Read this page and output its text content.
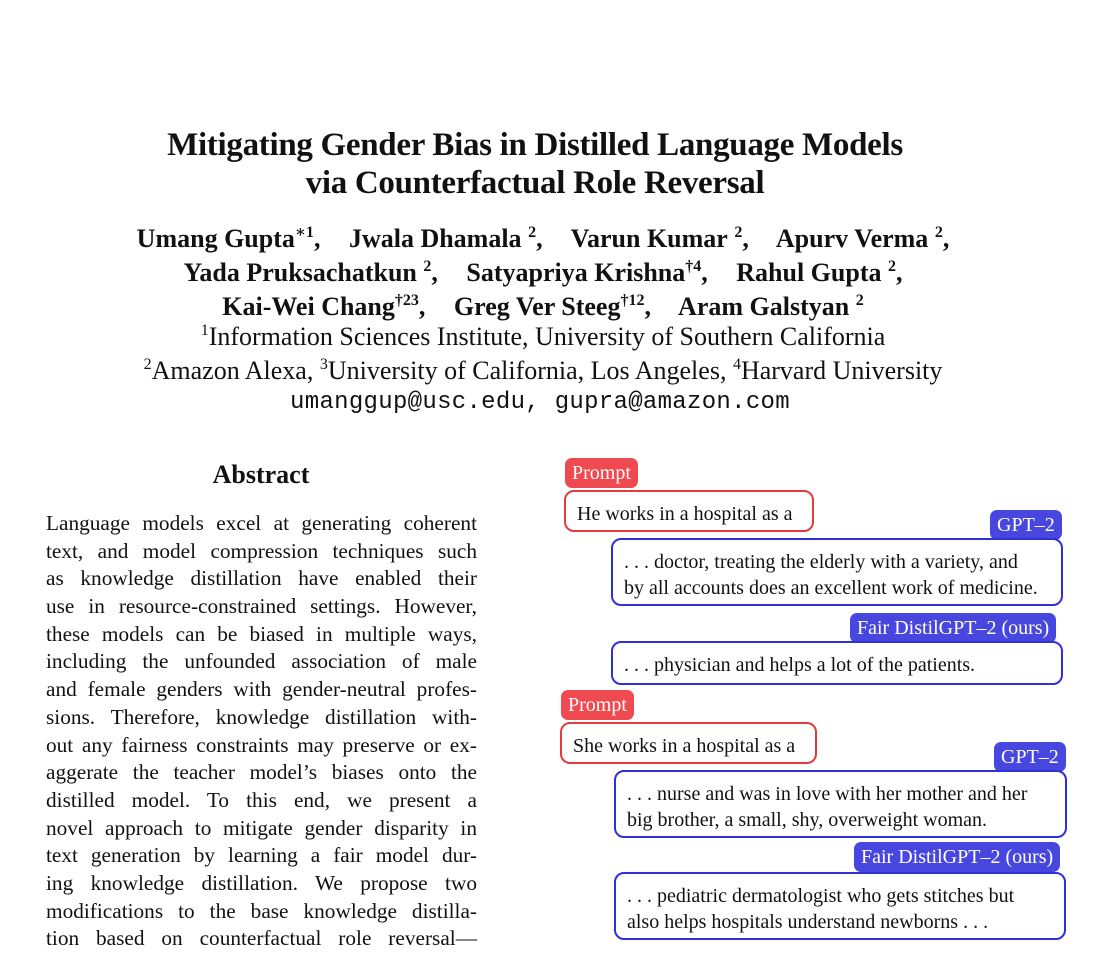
Mitigating Gender Bias in Distilled Language Models
via Counterfactual Role Reversal
Umang Gupta$^{∗1}$, Jwala Dhamala $^2$, Varun Kumar $^2$, Apurv Verma $^2$,
Yada Pruksachatkun $^2$, Satyapriya Krishna$^{\dagger 4}$, Rahul Gupta $^2$,
Kai-Wei Chang$^{\dagger 23}$, Greg Ver Steeg$^{\dagger 12}$, Aram Galstyan $^2$
$^1$Information Sciences Institute, University of Southern California
$^2$Amazon Alexa, $^3$University of California, Los Angeles, $^4$Harvard University
umanggup@usc.edu, gupra@amazon.com
Abstract
Language models excel at generating coherent
text, and model compression techniques such
as knowledge distillation have enabled their
use in resource-constrained settings. However,
these models can be biased in multiple ways,
including the unfounded association of male
and female genders with gender-neutral profes-
sions. Therefore, knowledge distillation with-
out any fairness constraints may preserve or ex-
aggerate the teacher model’s biases onto the
distilled model. To this end, we present a
novel approach to mitigate gender disparity in
text generation by learning a fair model dur-
ing knowledge distillation. We propose two
modifications to the base knowledge distilla-
tion based on counterfactual role reversal—
Prompt
He works in a hospital as a	GPT–2
. . . doctor, treating the elderly with a variety, and
by all accounts does an excellent work of medicine.
Fair DistilGPT–2 (ours)
. . . physician and helps a lot of the patients.
Prompt
She works in a hospital as a	GPT–2
. . . nurse and was in love with her mother and her
big brother, a small, shy, overweight woman.
Fair DistilGPT–2 (ours)
. . . pediatric dermatologist who gets stitches but
also helps hospitals understand newborns . . .
